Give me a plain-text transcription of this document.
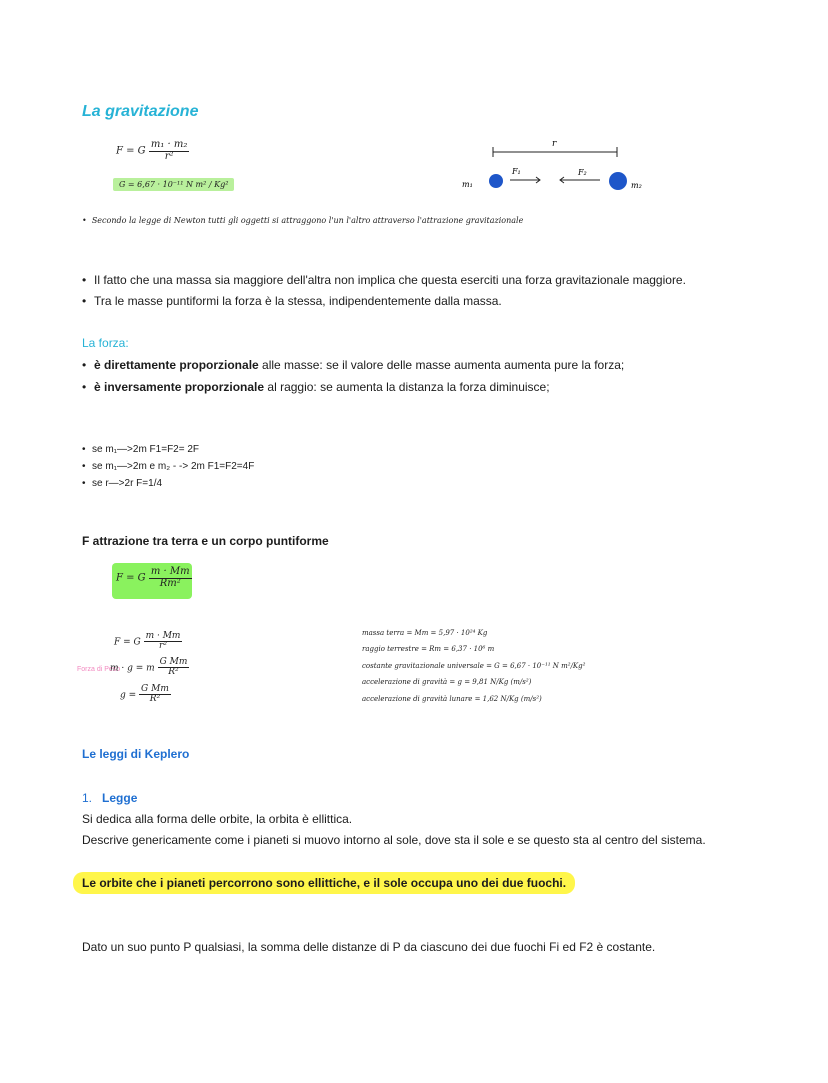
La gravitazione
F = G $\frac{\text{m₁ · m₂}}{\text{r²}}$
G = 6,67 · 10⁻¹¹ N m² / Kg²
r
F₁	F₂
m₁	m₂
•  Secondo la legge di Newton tutti gli oggetti si attraggono l'un l'altro attraverso l'attrazione gravitazionale
• Il fatto che una massa sia maggiore dell'altra non implica che questa eserciti una forza gravitazionale maggiore.
• Tra le masse puntiformi la forza è la stessa, indipendentemente dalla massa.
La forza:
• è direttamente proporzionale alle masse: se il valore delle masse aumenta aumenta pure la forza;
• è inversamente proporzionale al raggio: se aumenta la distanza la forza diminuisce;
• se m₁—>2m F1=F2= 2F
• se m₁—>2m e m₂ - -> 2m F1=F2=4F
• se r—>2r F=1/4
F attrazione tra terra e un corpo puntiforme
F = G $\frac{m \cdot Mт}{\text{Rт²}}$
F = G $\frac{m \cdot Mт}{\text{r²}}$
Forza di Peso
m · g = m $\frac{\text{G Mт}}{\text{R²}}$
$g = \frac{\text{G Mт}}{\text{R²}}$
massa terra = Mт = 5,97 · 10²⁴ Kg
raggio terrestre = Rт = 6,37 · 10⁶ m
costante gravitazionale universale = G = 6,67 · 10⁻¹¹ N m²/Kg²
accelerazione di gravità = g = 9,81 N/Kg (m/s²)
accelerazione di gravità lunare = 1,62 N/Kg (m/s²)
Le leggi di Keplero
1. Legge
Si dedica alla forma delle orbite, la orbita è ellittica.
Descrive genericamente come i pianeti si muovo intorno al sole, dove sta il sole e se questo sta al centro del sistema.
Le orbite che i pianeti percorrono sono ellittiche, e il sole occupa uno dei due fuochi.
Dato un suo punto P qualsiasi, la somma delle distanze di P da ciascuno dei due fuochi Fi ed F2 è costante.
